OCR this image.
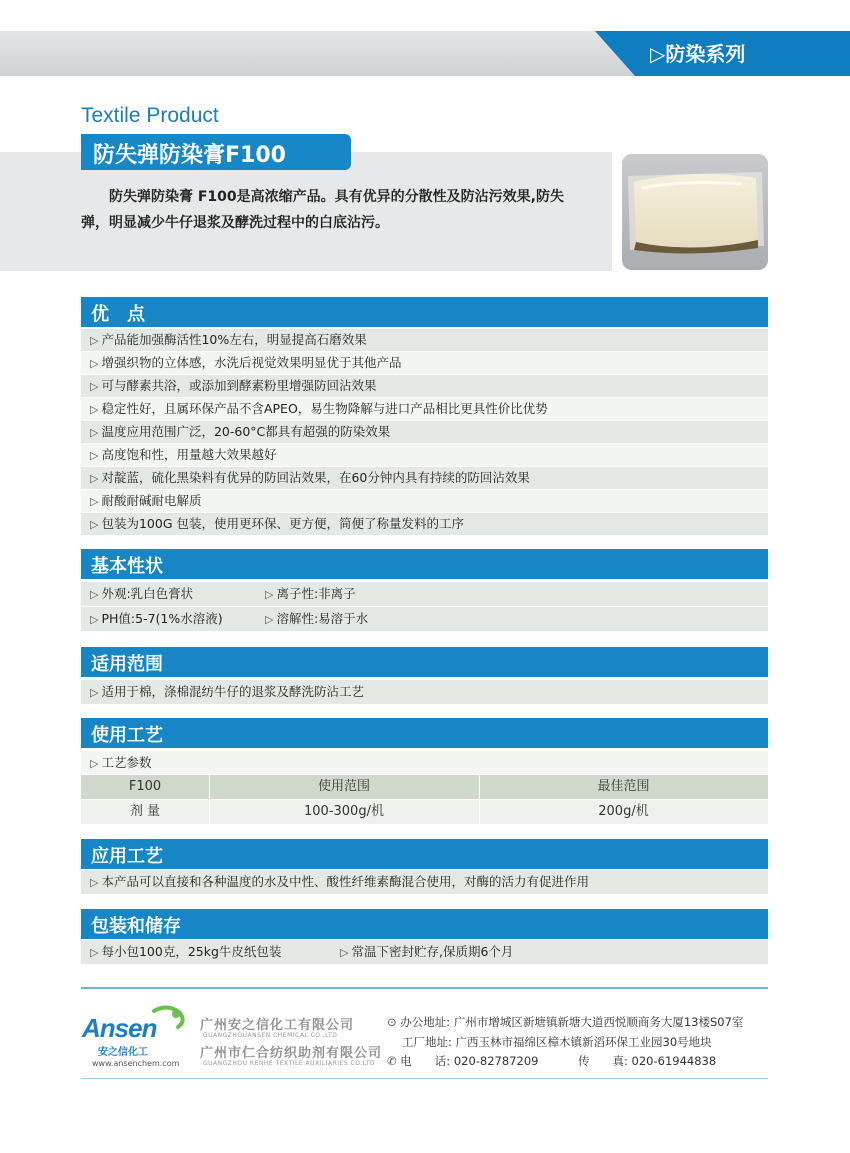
▷防染系列
Textile Product
防失弹防染膏F100
防失弹防染膏 F100是高浓缩产品。具有优异的分散性及防沾污效果,防失弹，明显减少牛仔退浆及酵洗过程中的白底沾污。
优　点
▷ 产品能加强酶活性10%左右，明显提高石磨效果
▷ 增强织物的立体感，水洗后视觉效果明显优于其他产品
▷ 可与酵素共浴，或添加到酵素粉里增强防回沾效果
▷ 稳定性好，且属环保产品不含APEO，易生物降解与进口产品相比更具性价比优势
▷ 温度应用范围广泛，20-60°C都具有超强的防染效果
▷ 高度饱和性，用量越大效果越好
▷ 对靛蓝，硫化黑染料有优异的防回沾效果，在60分钟内具有持续的防回沾效果
▷ 耐酸耐碱耐电解质
▷ 包装为100G 包装，使用更环保、更方便，简便了称量发料的工序
基本性状
▷ 外观:乳白色膏状	▷ 离子性:非离子
▷ PH值:5-7(1%水溶液)	▷ 溶解性:易溶于水
适用范围
▷ 适用于棉，涤棉混纺牛仔的退浆及酵洗防沾工艺
使用工艺
▷ 工艺参数
F100	使用范围	最佳范围
剂 量	100-300g/机	200g/机
应用工艺
▷ 本产品可以直接和各种温度的水及中性、酸性纤维素酶混合使用，对酶的活力有促进作用
包装和储存
▷ 每小包100克，25kg牛皮纸包装	▷ 常温下密封贮存,保质期6个月
Ansen
安之信化工
www.ansenchem.com
广州安之信化工有限公司
GUANGZHOUANSEN CHEMICAL CO.,LTD
广州市仁合纺织助剂有限公司
GUANGZHOU RENHE TEXTILE AUXILIARIES CO.LTD
⊙ 办公地址: 广州市增城区新塘镇新塘大道西悦顺商务大厦13楼S07室
工厂地址: 广西玉林市福绵区樟木镇新滔环保工业园30号地块
✆ 电　　话: 020-82787209	传　　真: 020-61944838
